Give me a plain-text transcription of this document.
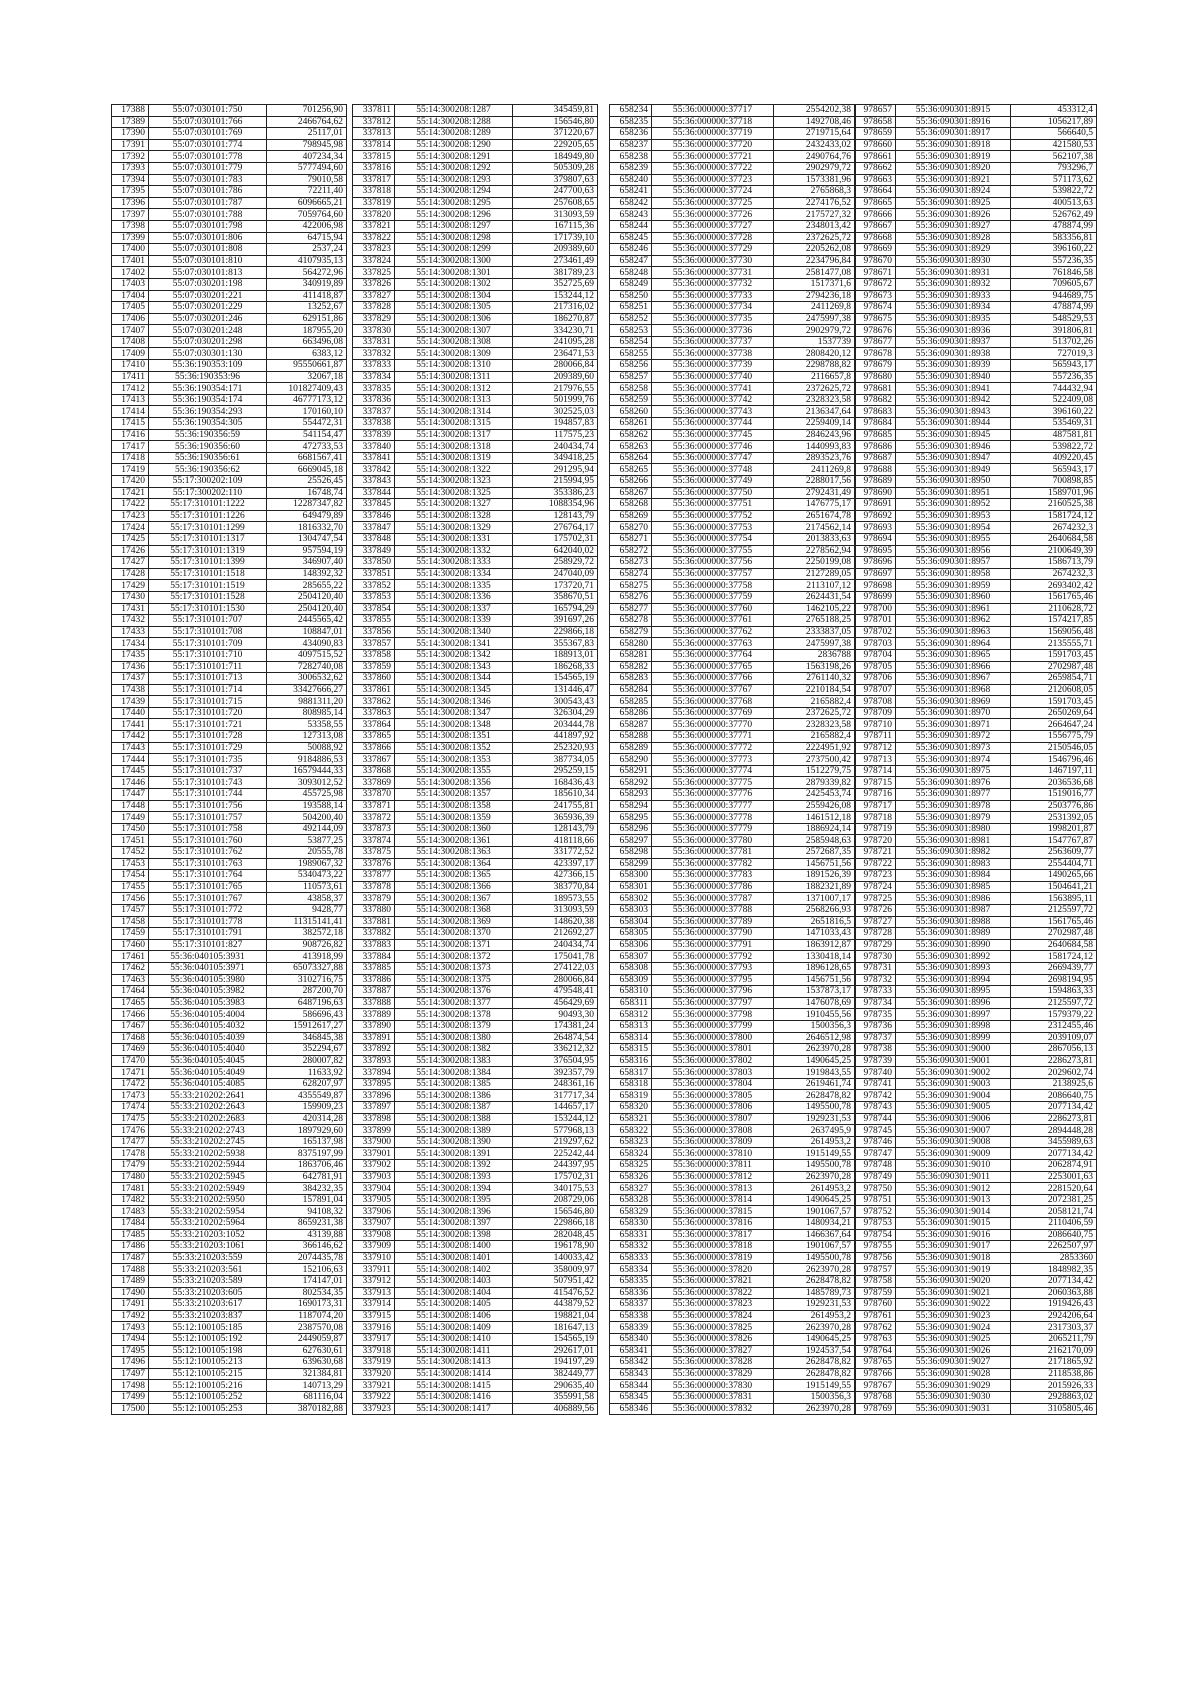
17388	55:07:030101:750	701256,90
17389	55:07:030101:766	2466764,62
17390	55:07:030101:769	25117,01
17391	55:07:030101:774	798945,98
17392	55:07:030101:778	407234,34
17393	55:07:030101:779	5777494,60
17394	55:07:030101:783	79010,58
17395	55:07:030101:786	72211,40
17396	55:07:030101:787	6096665,21
17397	55:07:030101:788	7059764,60
17398	55:07:030101:798	422006,98
17399	55:07:030101:806	64715,94
17400	55:07:030101:808	2537,24
17401	55:07:030101:810	4107935,13
17402	55:07:030101:813	564272,96
17403	55:07:030201:198	340919,89
17404	55:07:030201:221	411418,87
17405	55:07:030201:229	13252,67
17406	55:07:030201:246	629151,86
17407	55:07:030201:248	187955,20
17408	55:07:030201:298	663496,08
17409	55:07:030301:130	6383,12
17410	55:36:190353:109	95550661,87
17411	55:36:190353:96	32067,18
17412	55:36:190354:171	101827409,43
17413	55:36:190354:174	46777173,12
17414	55:36:190354:293	170160,10
17415	55:36:190354:305	554472,31
17416	55:36:190356:59	541154,47
17417	55:36:190356:60	472733,53
17418	55:36:190356:61	6681567,41
17419	55:36:190356:62	6669045,18
17420	55:17:300202:109	25526,45
17421	55:17:300202:110	16748,74
17422	55:17:310101:1222	12287347,82
17423	55:17:310101:1226	649479,89
17424	55:17:310101:1299	1816332,70
17425	55:17:310101:1317	1304747,54
17426	55:17:310101:1319	957594,19
17427	55:17:310101:1399	346907,40
17428	55:17:310101:1518	148392,32
17429	55:17:310101:1519	285655,22
17430	55:17:310101:1528	2504120,40
17431	55:17:310101:1530	2504120,40
17432	55:17:310101:707	2445565,42
17433	55:17:310101:708	108847,01
17434	55:17:310101:709	434090,83
17435	55:17:310101:710	4097515,52
17436	55:17:310101:711	7282740,08
17437	55:17:310101:713	3006532,62
17438	55:17:310101:714	33427666,27
17439	55:17:310101:715	9881311,20
17440	55:17:310101:720	808985,14
17441	55:17:310101:721	53358,55
17442	55:17:310101:728	127313,08
17443	55:17:310101:729	50088,92
17444	55:17:310101:735	9184886,53
17445	55:17:310101:737	16579444,33
17446	55:17:310101:743	3093012,52
17447	55:17:310101:744	455725,98
17448	55:17:310101:756	193588,14
17449	55:17:310101:757	504200,40
17450	55:17:310101:758	492144,09
17451	55:17:310101:760	53877,25
17452	55:17:310101:762	20555,78
17453	55:17:310101:763	1989067,32
17454	55:17:310101:764	5340473,22
17455	55:17:310101:765	110573,61
17456	55:17:310101:767	43858,37
17457	55:17:310101:772	9428,77
17458	55:17:310101:778	11315141,41
17459	55:17:310101:791	382572,18
17460	55:17:310101:827	908726,82
17461	55:36:040105:3931	413918,99
17462	55:36:040105:3971	65073327,88
17463	55:36:040105:3980	3102716,75
17464	55:36:040105:3982	287200,70
17465	55:36:040105:3983	6487196,63
17466	55:36:040105:4004	586696,43
17467	55:36:040105:4032	15912617,27
17468	55:36:040105:4039	346845,38
17469	55:36:040105:4040	352294,67
17470	55:36:040105:4045	280007,82
17471	55:36:040105:4049	11633,92
17472	55:36:040105:4085	628207,97
17473	55:33:210202:2641	4355549,87
17474	55:33:210202:2643	159909,23
17475	55:33:210202:2683	420314,28
17476	55:33:210202:2743	1897929,60
17477	55:33:210202:2745	165137,98
17478	55:33:210202:5938	8375197,99
17479	55:33:210202:5944	1863706,46
17480	55:33:210202:5945	642781,91
17481	55:33:210202:5949	384232,35
17482	55:33:210202:5950	157891,04
17483	55:33:210202:5954	94108,32
17484	55:33:210202:5964	8659231,38
17485	55:33:210203:1052	43139,88
17486	55:33:210203:1061	366146,62
17487	55:33:210203:559	2074435,78
17488	55:33:210203:561	152106,63
17489	55:33:210203:589	174147,01
17490	55:33:210203:605	802534,35
17491	55:33:210203:617	1690173,31
17492	55:33:210203:837	1187074,20
17493	55:12:100105:185	2387570,08
17494	55:12:100105:192	2449059,87
17495	55:12:100105:198	627630,61
17496	55:12:100105:213	639630,68
17497	55:12:100105:215	321384,81
17498	55:12:100105:216	140713,29
17499	55:12:100105:252	681116,04
17500	55:12:100105:253	3870182,88
337811	55:14:300208:1287	345459,81
337812	55:14:300208:1288	156546,80
337813	55:14:300208:1289	371220,67
337814	55:14:300208:1290	229205,65
337815	55:14:300208:1291	184949,80
337816	55:14:300208:1292	505309,28
337817	55:14:300208:1293	379807,63
337818	55:14:300208:1294	247700,63
337819	55:14:300208:1295	257608,65
337820	55:14:300208:1296	313093,59
337821	55:14:300208:1297	167115,36
337822	55:14:300208:1298	171739,10
337823	55:14:300208:1299	209389,60
337824	55:14:300208:1300	273461,49
337825	55:14:300208:1301	381789,23
337826	55:14:300208:1302	352725,69
337827	55:14:300208:1304	153244,12
337828	55:14:300208:1305	217316,02
337829	55:14:300208:1306	186270,87
337830	55:14:300208:1307	334230,71
337831	55:14:300208:1308	241095,28
337832	55:14:300208:1309	236471,53
337833	55:14:300208:1310	280066,84
337834	55:14:300208:1311	209389,60
337835	55:14:300208:1312	217976,55
337836	55:14:300208:1313	501999,76
337837	55:14:300208:1314	302525,03
337838	55:14:300208:1315	194857,83
337839	55:14:300208:1317	117575,23
337840	55:14:300208:1318	240434,74
337841	55:14:300208:1319	349418,25
337842	55:14:300208:1322	291295,94
337843	55:14:300208:1323	215994,95
337844	55:14:300208:1325	353386,23
337845	55:14:300208:1327	1088354,96
337846	55:14:300208:1328	128143,79
337847	55:14:300208:1329	276764,17
337848	55:14:300208:1331	175702,31
337849	55:14:300208:1332	642040,02
337850	55:14:300208:1333	258929,72
337851	55:14:300208:1334	247040,09
337852	55:14:300208:1335	173720,71
337853	55:14:300208:1336	358670,51
337854	55:14:300208:1337	165794,29
337855	55:14:300208:1339	391697,26
337856	55:14:300208:1340	229866,18
337857	55:14:300208:1341	355367,83
337858	55:14:300208:1342	188913,01
337859	55:14:300208:1343	186268,33
337860	55:14:300208:1344	154565,19
337861	55:14:300208:1345	131446,47
337862	55:14:300208:1346	300543,43
337863	55:14:300208:1347	326304,29
337864	55:14:300208:1348	203444,78
337865	55:14:300208:1351	441897,92
337866	55:14:300208:1352	252320,93
337867	55:14:300208:1353	387734,05
337868	55:14:300208:1355	295259,15
337869	55:14:300208:1356	168436,43
337870	55:14:300208:1357	185610,34
337871	55:14:300208:1358	241755,81
337872	55:14:300208:1359	365936,39
337873	55:14:300208:1360	128143,79
337874	55:14:300208:1361	418118,66
337875	55:14:300208:1363	331772,52
337876	55:14:300208:1364	423397,17
337877	55:14:300208:1365	427366,15
337878	55:14:300208:1366	383770,84
337879	55:14:300208:1367	189573,55
337880	55:14:300208:1368	313093,59
337881	55:14:300208:1369	148620,38
337882	55:14:300208:1370	212692,27
337883	55:14:300208:1371	240434,74
337884	55:14:300208:1372	175041,78
337885	55:14:300208:1373	274122,03
337886	55:14:300208:1375	280066,84
337887	55:14:300208:1376	479548,41
337888	55:14:300208:1377	456429,69
337889	55:14:300208:1378	90493,30
337890	55:14:300208:1379	174381,24
337891	55:14:300208:1380	264874,54
337892	55:14:300208:1382	336212,32
337893	55:14:300208:1383	376504,95
337894	55:14:300208:1384	392357,79
337895	55:14:300208:1385	248361,16
337896	55:14:300208:1386	317717,34
337897	55:14:300208:1387	144657,17
337898	55:14:300208:1388	153244,12
337899	55:14:300208:1389	577968,13
337900	55:14:300208:1390	219297,62
337901	55:14:300208:1391	225242,44
337902	55:14:300208:1392	244397,95
337903	55:14:300208:1393	175702,31
337904	55:14:300208:1394	340175,53
337905	55:14:300208:1395	208729,06
337906	55:14:300208:1396	156546,80
337907	55:14:300208:1397	229866,18
337908	55:14:300208:1398	282048,45
337909	55:14:300208:1400	196178,90
337910	55:14:300208:1401	140033,42
337911	55:14:300208:1402	358009,97
337912	55:14:300208:1403	507951,42
337913	55:14:300208:1404	415476,52
337914	55:14:300208:1405	443879,52
337915	55:14:300208:1406	198821,04
337916	55:14:300208:1409	181647,13
337917	55:14:300208:1410	154565,19
337918	55:14:300208:1411	292617,01
337919	55:14:300208:1413	194197,29
337920	55:14:300208:1414	382449,77
337921	55:14:300208:1415	290635,40
337922	55:14:300208:1416	355991,58
337923	55:14:300208:1417	406889,56
658234	55:36:000000:37717	2554202,38
658235	55:36:000000:37718	1492708,46
658236	55:36:000000:37719	2719715,64
658237	55:36:000000:37720	2432433,02
658238	55:36:000000:37721	2490764,76
658239	55:36:000000:37722	2902979,72
658240	55:36:000000:37723	1573381,96
658241	55:36:000000:37724	2765868,3
658242	55:36:000000:37725	2274176,52
658243	55:36:000000:37726	2175727,32
658244	55:36:000000:37727	2348013,42
658245	55:36:000000:37728	2372625,72
658246	55:36:000000:37729	2205262,08
658247	55:36:000000:37730	2234796,84
658248	55:36:000000:37731	2581477,08
658249	55:36:000000:37732	1517371,6
658250	55:36:000000:37733	2794236,18
658251	55:36:000000:37734	2411269,8
658252	55:36:000000:37735	2475997,38
658253	55:36:000000:37736	2902979,72
658254	55:36:000000:37737	1537739
658255	55:36:000000:37738	2808420,12
658256	55:36:000000:37739	2298788,82
658257	55:36:000000:37740	2116657,8
658258	55:36:000000:37741	2372625,72
658259	55:36:000000:37742	2328323,58
658260	55:36:000000:37743	2136347,64
658261	55:36:000000:37744	2259409,14
658262	55:36:000000:37745	2846243,96
658263	55:36:000000:37746	1440993,83
658264	55:36:000000:37747	2893523,76
658265	55:36:000000:37748	2411269,8
658266	55:36:000000:37749	2288017,56
658267	55:36:000000:37750	2792431,49
658268	55:36:000000:37751	1476775,17
658269	55:36:000000:37752	2651674,78
658270	55:36:000000:37753	2174562,14
658271	55:36:000000:37754	2013833,63
658272	55:36:000000:37755	2278562,94
658273	55:36:000000:37756	2250199,08
658274	55:36:000000:37757	2127289,05
658275	55:36:000000:37758	2113107,12
658276	55:36:000000:37759	2624431,54
658277	55:36:000000:37760	1462105,22
658278	55:36:000000:37761	2765188,25
658279	55:36:000000:37762	2333837,05
658280	55:36:000000:37763	2475997,38
658281	55:36:000000:37764	2836788
658282	55:36:000000:37765	1563198,26
658283	55:36:000000:37766	2761140,32
658284	55:36:000000:37767	2210184,54
658285	55:36:000000:37768	2165882,4
658286	55:36:000000:37769	2372625,72
658287	55:36:000000:37770	2328323,58
658288	55:36:000000:37771	2165882,4
658289	55:36:000000:37772	2224951,92
658290	55:36:000000:37773	2737500,42
658291	55:36:000000:37774	1512279,75
658292	55:36:000000:37775	2879339,82
658293	55:36:000000:37776	2425453,74
658294	55:36:000000:37777	2559426,08
658295	55:36:000000:37778	1461512,18
658296	55:36:000000:37779	1886924,14
658297	55:36:000000:37780	2585948,63
658298	55:36:000000:37781	2572687,35
658299	55:36:000000:37782	1456751,56
658300	55:36:000000:37783	1891526,39
658301	55:36:000000:37786	1882321,89
658302	55:36:000000:37787	1371007,17
658303	55:36:000000:37788	2568266,93
658304	55:36:000000:37789	2651816,5
658305	55:36:000000:37790	1471033,43
658306	55:36:000000:37791	1863912,87
658307	55:36:000000:37792	1330418,14
658308	55:36:000000:37793	1896128,65
658309	55:36:000000:37795	1456751,56
658310	55:36:000000:37796	1537873,17
658311	55:36:000000:37797	1476078,69
658312	55:36:000000:37798	1910455,56
658313	55:36:000000:37799	1500356,3
658314	55:36:000000:37800	2646512,98
658315	55:36:000000:37801	2623970,28
658316	55:36:000000:37802	1490645,25
658317	55:36:000000:37803	1919843,55
658318	55:36:000000:37804	2619461,74
658319	55:36:000000:37805	2628478,82
658320	55:36:000000:37806	1495500,78
658321	55:36:000000:37807	1929231,53
658322	55:36:000000:37808	2637495,9
658323	55:36:000000:37809	2614953,2
658324	55:36:000000:37810	1915149,55
658325	55:36:000000:37811	1495500,78
658326	55:36:000000:37812	2623970,28
658327	55:36:000000:37813	2614953,2
658328	55:36:000000:37814	1490645,25
658329	55:36:000000:37815	1901067,57
658330	55:36:000000:37816	1480934,21
658331	55:36:000000:37817	1466367,64
658332	55:36:000000:37818	1901067,57
658333	55:36:000000:37819	1495500,78
658334	55:36:000000:37820	2623970,28
658335	55:36:000000:37821	2628478,82
658336	55:36:000000:37822	1485789,73
658337	55:36:000000:37823	1929231,53
658338	55:36:000000:37824	2614953,2
658339	55:36:000000:37825	2623970,28
658340	55:36:000000:37826	1490645,25
658341	55:36:000000:37827	1924537,54
658342	55:36:000000:37828	2628478,82
658343	55:36:000000:37829	2628478,82
658344	55:36:000000:37830	1915149,55
658345	55:36:000000:37831	1500356,3
658346	55:36:000000:37832	2623970,28
978657	55:36:090301:8915	453312,4
978658	55:36:090301:8916	1056217,89
978659	55:36:090301:8917	566640,5
978660	55:36:090301:8918	421580,53
978661	55:36:090301:8919	562107,38
978662	55:36:090301:8920	793296,7
978663	55:36:090301:8921	571173,62
978664	55:36:090301:8924	539822,72
978665	55:36:090301:8925	400513,63
978666	55:36:090301:8926	526762,49
978667	55:36:090301:8927	478874,99
978668	55:36:090301:8928	583356,81
978669	55:36:090301:8929	396160,22
978670	55:36:090301:8930	557236,35
978671	55:36:090301:8931	761846,58
978672	55:36:090301:8932	709605,67
978673	55:36:090301:8933	944689,75
978674	55:36:090301:8934	478874,99
978675	55:36:090301:8935	548529,53
978676	55:36:090301:8936	391806,81
978677	55:36:090301:8937	513702,26
978678	55:36:090301:8938	727019,3
978679	55:36:090301:8939	565943,17
978680	55:36:090301:8940	557236,35
978681	55:36:090301:8941	744432,94
978682	55:36:090301:8942	522409,08
978683	55:36:090301:8943	396160,22
978684	55:36:090301:8944	535469,31
978685	55:36:090301:8945	487581,81
978686	55:36:090301:8946	539822,72
978687	55:36:090301:8947	409220,45
978688	55:36:090301:8949	565943,17
978689	55:36:090301:8950	700898,85
978690	55:36:090301:8951	1589701,96
978691	55:36:090301:8952	2160525,38
978692	55:36:090301:8953	1581724,12
978693	55:36:090301:8954	2674232,3
978694	55:36:090301:8955	2640684,58
978695	55:36:090301:8956	2100649,39
978696	55:36:090301:8957	1586713,79
978697	55:36:090301:8958	2674232,3
978698	55:36:090301:8959	2693402,42
978699	55:36:090301:8960	1561765,46
978700	55:36:090301:8961	2110628,72
978701	55:36:090301:8962	1574217,85
978702	55:36:090301:8963	1569056,48
978703	55:36:090301:8964	2135555,71
978704	55:36:090301:8965	1591703,45
978705	55:36:090301:8966	2702987,48
978706	55:36:090301:8967	2659854,71
978707	55:36:090301:8968	2120608,05
978708	55:36:090301:8969	1591703,45
978709	55:36:090301:8970	2650269,64
978710	55:36:090301:8971	2664647,24
978711	55:36:090301:8972	1556775,79
978712	55:36:090301:8973	2150546,05
978713	55:36:090301:8974	1546796,46
978714	55:36:090301:8975	1467197,11
978715	55:36:090301:8976	2036536,68
978716	55:36:090301:8977	1519016,77
978717	55:36:090301:8978	2503776,86
978718	55:36:090301:8979	2531392,05
978719	55:36:090301:8980	1998201,87
978720	55:36:090301:8981	1547767,87
978721	55:36:090301:8982	2563609,77
978722	55:36:090301:8983	2554404,71
978723	55:36:090301:8984	1490265,66
978724	55:36:090301:8985	1504641,21
978725	55:36:090301:8986	1563895,11
978726	55:36:090301:8987	2125597,72
978727	55:36:090301:8988	1561765,46
978728	55:36:090301:8989	2702987,48
978729	55:36:090301:8990	2640684,58
978730	55:36:090301:8992	1581724,12
978731	55:36:090301:8993	2669439,77
978732	55:36:090301:8994	2698194,95
978733	55:36:090301:8995	1594863,33
978734	55:36:090301:8996	2125597,72
978735	55:36:090301:8997	1579379,22
978736	55:36:090301:8998	2312455,46
978737	55:36:090301:8999	2039109,07
978738	55:36:090301:9000	2867056,13
978739	55:36:090301:9001	2286273,81
978740	55:36:090301:9002	2029602,74
978741	55:36:090301:9003	2138925,6
978742	55:36:090301:9004	2086640,75
978743	55:36:090301:9005	2077134,42
978744	55:36:090301:9006	2286273,81
978745	55:36:090301:9007	2894448,28
978746	55:36:090301:9008	3455989,63
978747	55:36:090301:9009	2077134,42
978748	55:36:090301:9010	2062874,91
978749	55:36:090301:9011	2253001,63
978750	55:36:090301:9012	2281520,64
978751	55:36:090301:9013	2072381,25
978752	55:36:090301:9014	2058121,74
978753	55:36:090301:9015	2110406,59
978754	55:36:090301:9016	2086640,75
978755	55:36:090301:9017	2262507,97
978756	55:36:090301:9018	2853360
978757	55:36:090301:9019	1848982,35
978758	55:36:090301:9020	2077134,42
978759	55:36:090301:9021	2060363,88
978760	55:36:090301:9022	1919426,43
978761	55:36:090301:9023	2924206,64
978762	55:36:090301:9024	2317303,37
978763	55:36:090301:9025	2065211,79
978764	55:36:090301:9026	2162170,09
978765	55:36:090301:9027	2171865,92
978766	55:36:090301:9028	2118538,86
978767	55:36:090301:9029	2015926,33
978768	55:36:090301:9030	2928863,02
978769	55:36:090301:9031	3105805,46
